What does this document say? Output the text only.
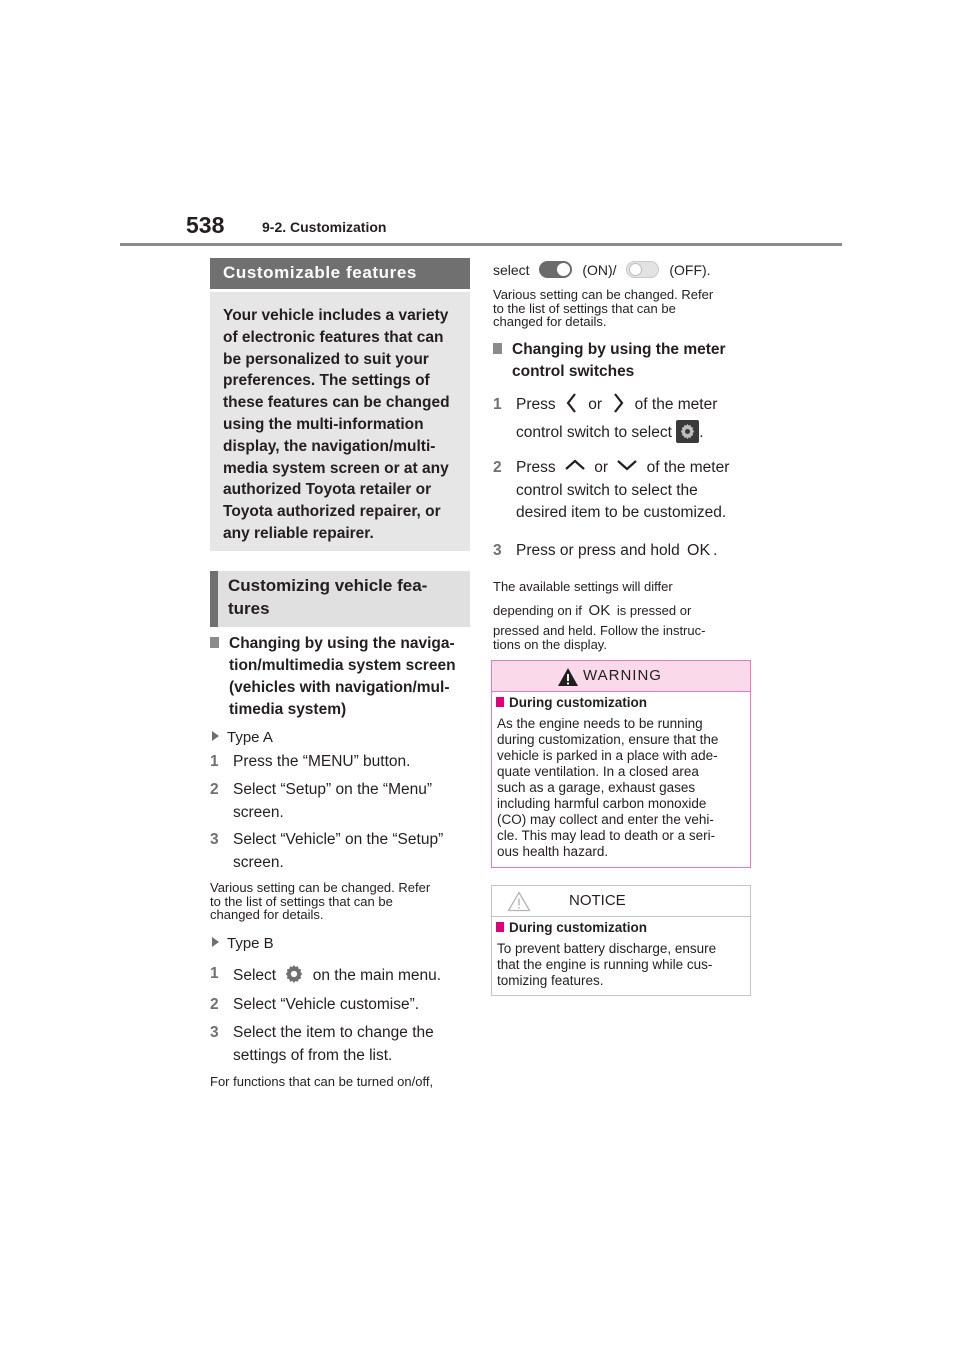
538	9-2. Customization
Customizable features
Your vehicle includes a variety of electronic features that can be personalized to suit your preferences. The settings of these features can be changed using the multi-information display, the navigation/multi-media system screen or at any authorized Toyota retailer or Toyota authorized repairer, or any reliable repairer.
Customizing vehicle fea-
tures
Changing by using the naviga-
tion/multimedia system screen
(vehicles with navigation/mul-
timedia system)
Type A
1 Press the “MENU” button.
2 Select “Setup” on the “Menu”
screen.
3 Select “Vehicle” on the “Setup”
screen.
Various setting can be changed. Refer
to the list of settings that can be
changed for details.
Type B
1 Select on the main menu.
2 Select “Vehicle customise”.
3 Select the item to change the
settings of from the list.
For functions that can be turned on/off,
select	(ON)/	(OFF).
Various setting can be changed. Refer
to the list of settings that can be
changed for details.
Changing by using the meter
control switches
1 Press or of the meter
control switch to select .
2 Press or of the meter
control switch to select the
desired item to be customized.
3 Press or press and hold OK .
The available settings will differ
depending on if OK is pressed or
pressed and held. Follow the instruc-
tions on the display.
WARNING
During customization
As the engine needs to be running
during customization, ensure that the
vehicle is parked in a place with ade-
quate ventilation. In a closed area
such as a garage, exhaust gases
including harmful carbon monoxide
(CO) may collect and enter the vehi-
cle. This may lead to death or a seri-
ous health hazard.
NOTICE
During customization
To prevent battery discharge, ensure
that the engine is running while cus-
tomizing features.
